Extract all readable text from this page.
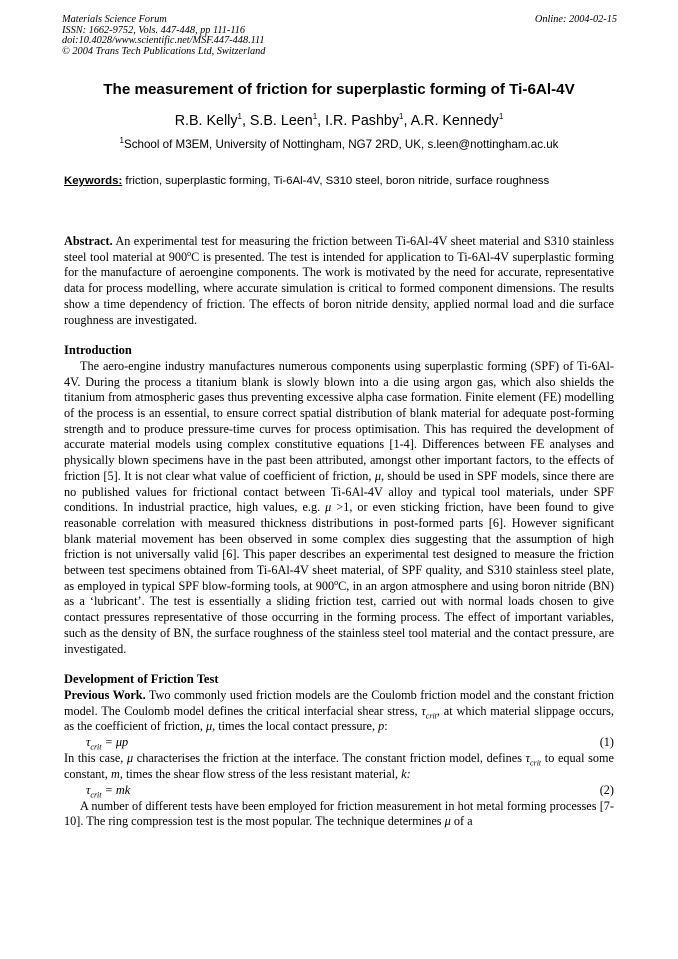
Materials Science Forum
ISSN: 1662-9752, Vols. 447-448, pp 111-116
doi:10.4028/www.scientific.net/MSF.447-448.111
© 2004 Trans Tech Publications Ltd, Switzerland
Online: 2004-02-15
The measurement of friction for superplastic forming of Ti-6Al-4V
R.B. Kelly$^1$, S.B. Leen$^1$, I.R. Pashby$^1$, A.R. Kennedy$^1$
$^1$School of M3EM, University of Nottingham, NG7 2RD, UK, s.leen@nottingham.ac.uk
Keywords: friction, superplastic forming, Ti-6Al-4V, S310 steel, boron nitride, surface roughness

Abstract. An experimental test for measuring the friction between Ti-6Al-4V sheet material and S310 stainless steel tool material at 900$^o$C is presented. The test is intended for application to Ti-6Al-4V superplastic forming for the manufacture of aeroengine components. The work is motivated by the need for accurate, representative data for process modelling, where accurate simulation is critical to formed component dimensions. The results show a time dependency of friction. The effects of boron nitride density, applied normal load and die surface roughness are investigated.

Introduction

The aero-engine industry manufactures numerous components using superplastic forming (SPF) of Ti-6Al-4V. During the process a titanium blank is slowly blown into a die using argon gas, which also shields the titanium from atmospheric gases thus preventing excessive alpha case formation. Finite element (FE) modelling of the process is an essential, to ensure correct spatial distribution of blank material for adequate post-forming strength and to produce pressure-time curves for process optimisation. This has required the development of accurate material models using complex constitutive equations [1-4]. Differences between FE analyses and physically blown specimens have in the past been attributed, amongst other important factors, to the effects of friction [5]. It is not clear what value of coefficient of friction, μ, should be used in SPF models, since there are no published values for frictional contact between Ti-6Al-4V alloy and typical tool materials, under SPF conditions. In industrial practice, high values, e.g. μ >1, or even sticking friction, have been found to give reasonable correlation with measured thickness distributions in post-formed parts [6]. However significant blank material movement has been observed in some complex dies suggesting that the assumption of high friction is not universally valid [6]. This paper describes an experimental test designed to measure the friction between test specimens obtained from Ti-6Al-4V sheet material, of SPF quality, and S310 stainless steel plate, as employed in typical SPF blow-forming tools, at 900$^o$C, in an argon atmosphere and using boron nitride (BN) as a ‘lubricant’. The test is essentially a sliding friction test, carried out with normal loads chosen to give contact pressures representative of those occurring in the forming process. The effect of important variables, such as the density of BN, the surface roughness of the stainless steel tool material and the contact pressure, are investigated.

Development of Friction Test

Previous Work. Two commonly used friction models are the Coulomb friction model and the constant friction model. The Coulomb model defines the critical interfacial shear stress, $\tau_{crit}$, at which material slippage occurs, as the coefficient of friction, μ, times the local contact pressure, p:

$\tau_{crit} = \mu p$	(1)

In this case, μ characterises the friction at the interface. The constant friction model, defines $\tau_{crit}$ to equal some constant, m, times the shear flow stress of the less resistant material, k:

$\tau_{crit}$ = mk	(2)

A number of different tests have been employed for friction measurement in hot metal forming processes [7-10]. The ring compression test is the most popular. The technique determines μ of a
